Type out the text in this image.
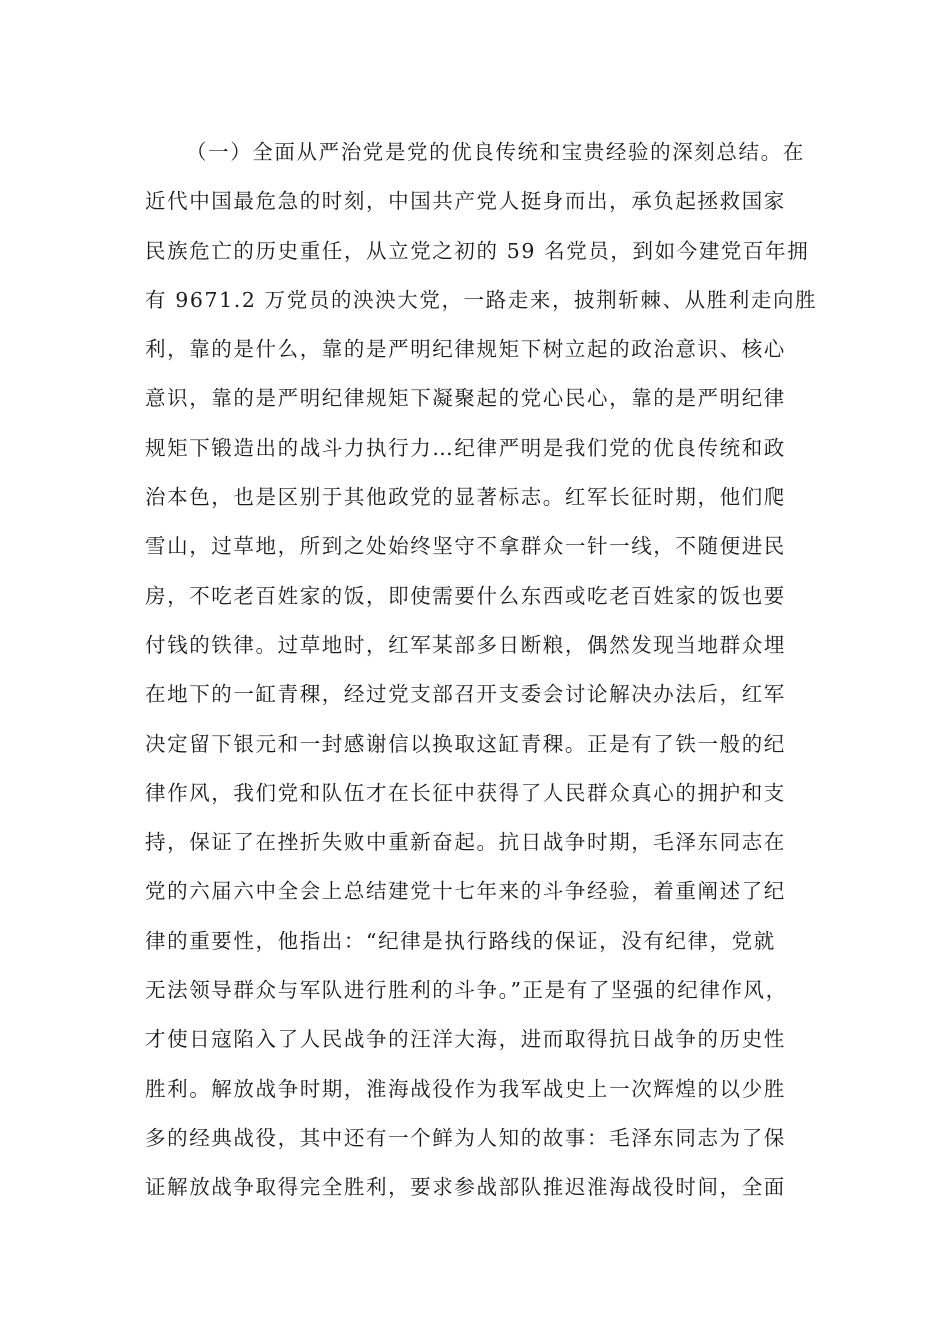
（一）全面从严治党是党的优良传统和宝贵经验的深刻总结。在
近代中国最危急的时刻，中国共产党人挺身而出，承负起拯救国家
民族危亡的历史重任，从立党之初的 59 名党员，到如今建党百年拥
有 9671.2 万党员的泱泱大党，一路走来，披荆斩棘、从胜利走向胜
利，靠的是什么，靠的是严明纪律规矩下树立起的政治意识、核心
意识，靠的是严明纪律规矩下凝聚起的党心民心，靠的是严明纪律
规矩下锻造出的战斗力执行力…纪律严明是我们党的优良传统和政
治本色，也是区别于其他政党的显著标志。红军长征时期，他们爬
雪山，过草地，所到之处始终坚守不拿群众一针一线，不随便进民
房，不吃老百姓家的饭，即使需要什么东西或吃老百姓家的饭也要
付钱的铁律。过草地时，红军某部多日断粮，偶然发现当地群众埋
在地下的一缸青稞，经过党支部召开支委会讨论解决办法后，红军
决定留下银元和一封感谢信以换取这缸青稞。正是有了铁一般的纪
律作风，我们党和队伍才在长征中获得了人民群众真心的拥护和支
持，保证了在挫折失败中重新奋起。抗日战争时期，毛泽东同志在
党的六届六中全会上总结建党十七年来的斗争经验，着重阐述了纪
律的重要性，他指出：“纪律是执行路线的保证，没有纪律，党就
无法领导群众与军队进行胜利的斗争。”正是有了坚强的纪律作风，
才使日寇陷入了人民战争的汪洋大海，进而取得抗日战争的历史性
胜利。解放战争时期，淮海战役作为我军战史上一次辉煌的以少胜
多的经典战役，其中还有一个鲜为人知的故事：毛泽东同志为了保
证解放战争取得完全胜利，要求参战部队推迟淮海战役时间，全面
